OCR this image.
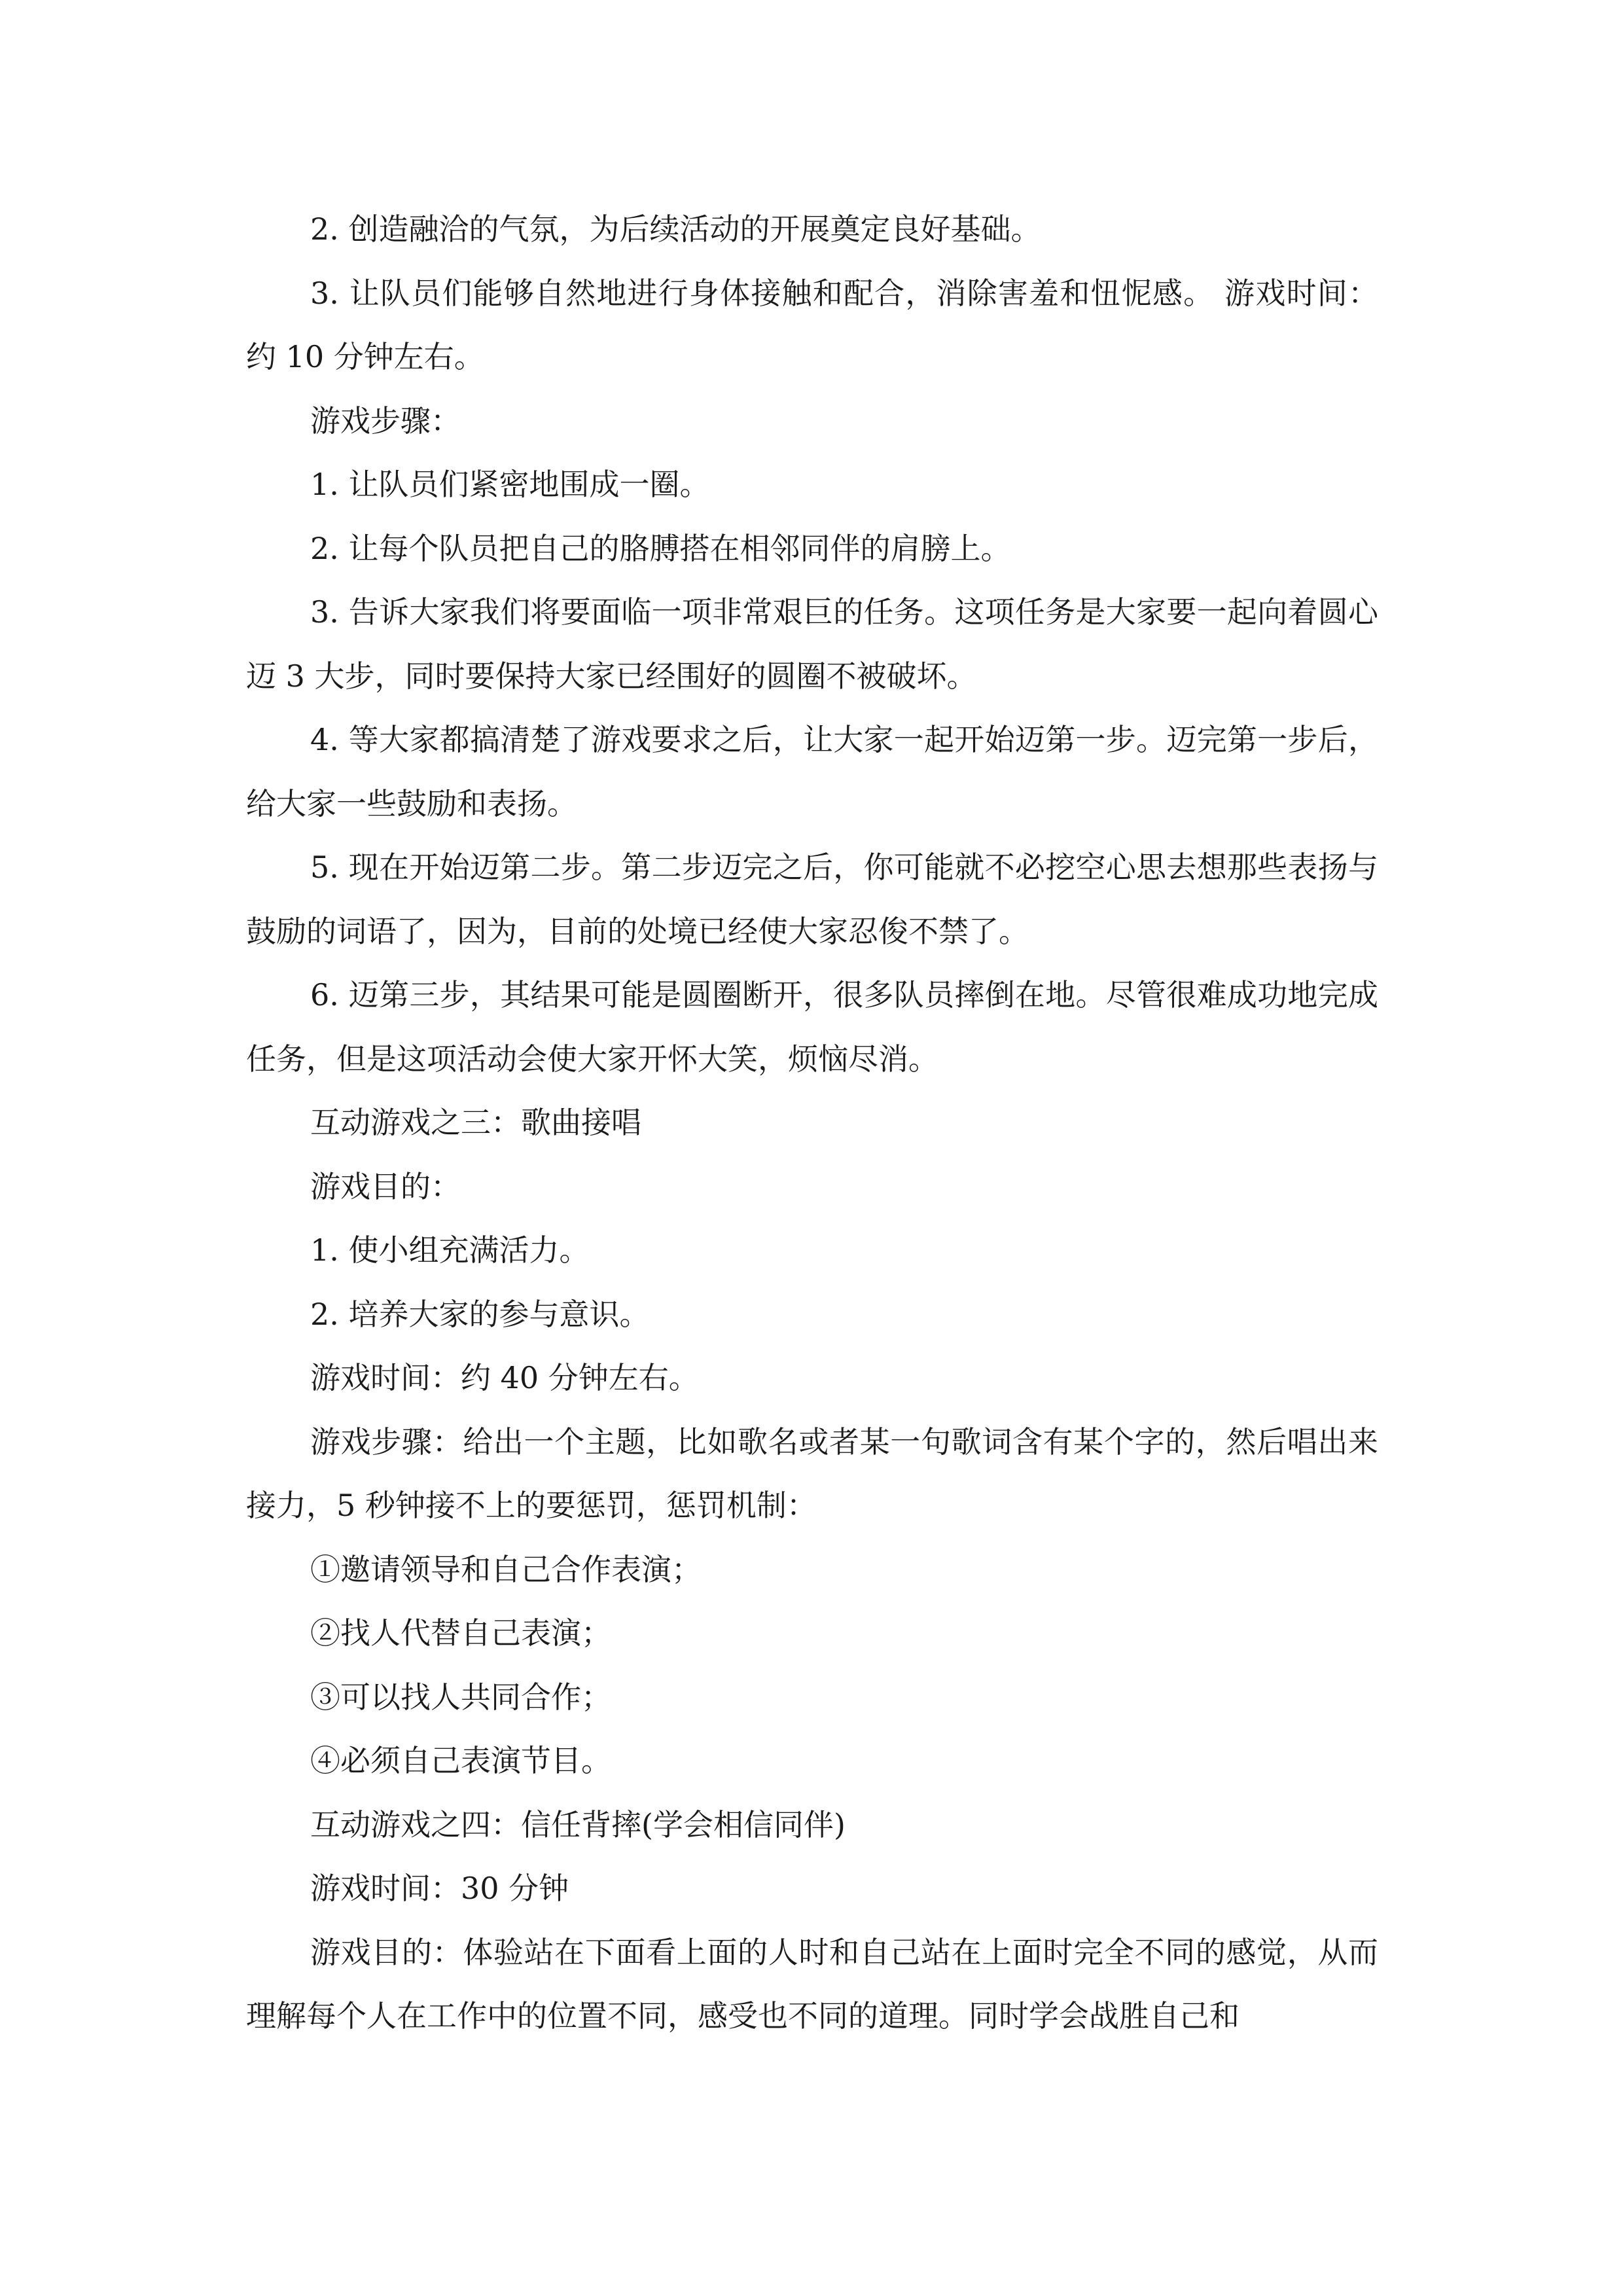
2. 创造融洽的气氛，为后续活动的开展奠定良好基础。

3. 让队员们能够自然地进行身体接触和配合，消除害羞和忸怩感。 游戏时间：约 10 分钟左右。

游戏步骤：

1. 让队员们紧密地围成一圈。

2. 让每个队员把自己的胳膊搭在相邻同伴的肩膀上。

3. 告诉大家我们将要面临一项非常艰巨的任务。这项任务是大家要一起向着圆心迈 3 大步，同时要保持大家已经围好的圆圈不被破坏。

4. 等大家都搞清楚了游戏要求之后，让大家一起开始迈第一步。迈完第一步后，给大家一些鼓励和表扬。

5. 现在开始迈第二步。第二步迈完之后，你可能就不必挖空心思去想那些表扬与鼓励的词语了，因为，目前的处境已经使大家忍俊不禁了。

6. 迈第三步，其结果可能是圆圈断开，很多队员摔倒在地。尽管很难成功地完成任务，但是这项活动会使大家开怀大笑，烦恼尽消。

互动游戏之三：歌曲接唱

游戏目的：

1. 使小组充满活力。

2. 培养大家的参与意识。

游戏时间：约 40 分钟左右。

游戏步骤：给出一个主题，比如歌名或者某一句歌词含有某个字的，然后唱出来接力，5 秒钟接不上的要惩罚，惩罚机制：

①邀请领导和自己合作表演；

②找人代替自己表演；

③可以找人共同合作；

④必须自己表演节目。

互动游戏之四：信任背摔(学会相信同伴)

游戏时间：30 分钟

游戏目的：体验站在下面看上面的人时和自己站在上面时完全不同的感觉，从而理解每个人在工作中的位置不同，感受也不同的道理。同时学会战胜自己和
